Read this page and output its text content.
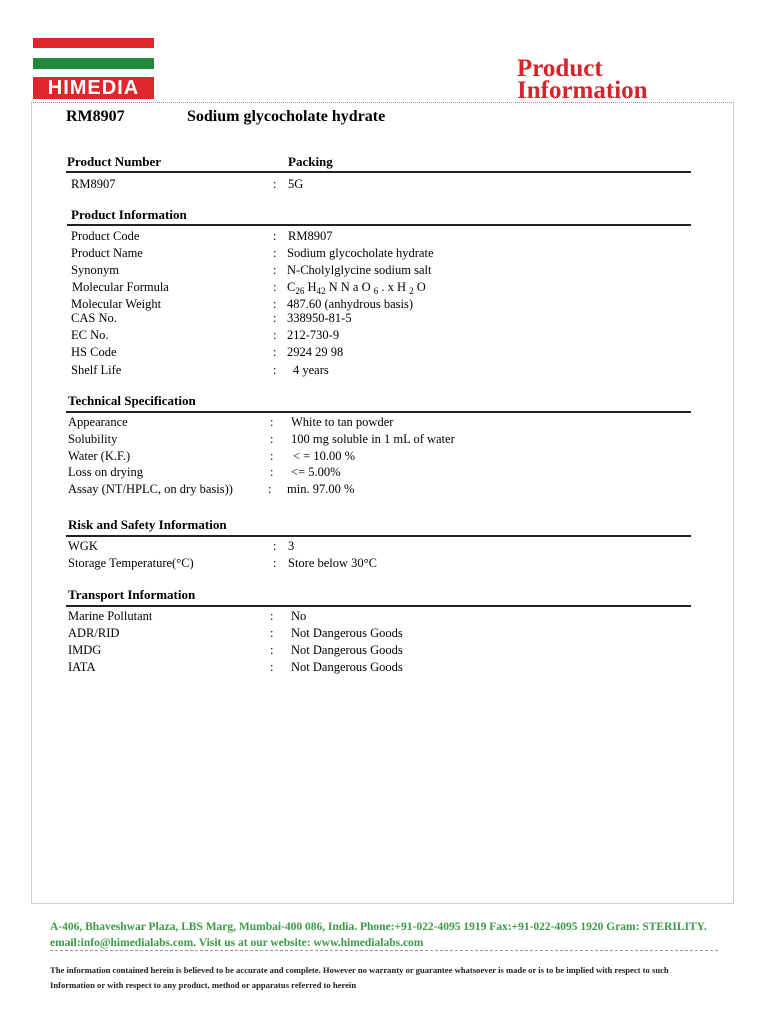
HIMEDIA
Product
Information
RM8907	Sodium glycocholate hydrate
Product Number	Packing
RM8907	: 5G
Product Information
Product Code	: RM8907
Product Name	: Sodium glycocholate hydrate
Synonym	: N-Cholylglycine sodium salt
Molecular Formula	: $C_{26}$ $H_{42}$ N N a O $_6$ . x H $_2$ O
Molecular Weight	: 487.60 (anhydrous basis)
CAS No.	: 338950-81-5
EC No.	: 212-730-9
HS Code	: 2924 29 98
Shelf Life	: 4 years
Technical Specification
Appearance	: White to tan powder
Solubility	: 100 mg soluble in 1 mL of water
Water (K.F.)	: < = 10.00 %
Loss on drying	: <= 5.00%
Assay (NT/HPLC, on dry basis))	: min. 97.00 %
Risk and Safety Information
WGK	: 3
Storage Temperature(°C)	: Store below 30°C
Transport Information
Marine Pollutant	: No
ADR/RID	: Not Dangerous Goods
IMDG	: Not Dangerous Goods
IATA	: Not Dangerous Goods
A-406, Bhaveshwar Plaza, LBS Marg, Mumbai-400 086, India. Phone:+91-022-4095 1919 Fax:+91-022-4095 1920 Gram: STERILITY.
email:info@himedialabs.com. Visit us at our website: www.himedialabs.com
The information contained herein is believed to be accurate and complete. However no warranty or guarantee whatsoever is made or is to be implied with respect to such
Information or with respect to any product, method or apparatus referred to herein
